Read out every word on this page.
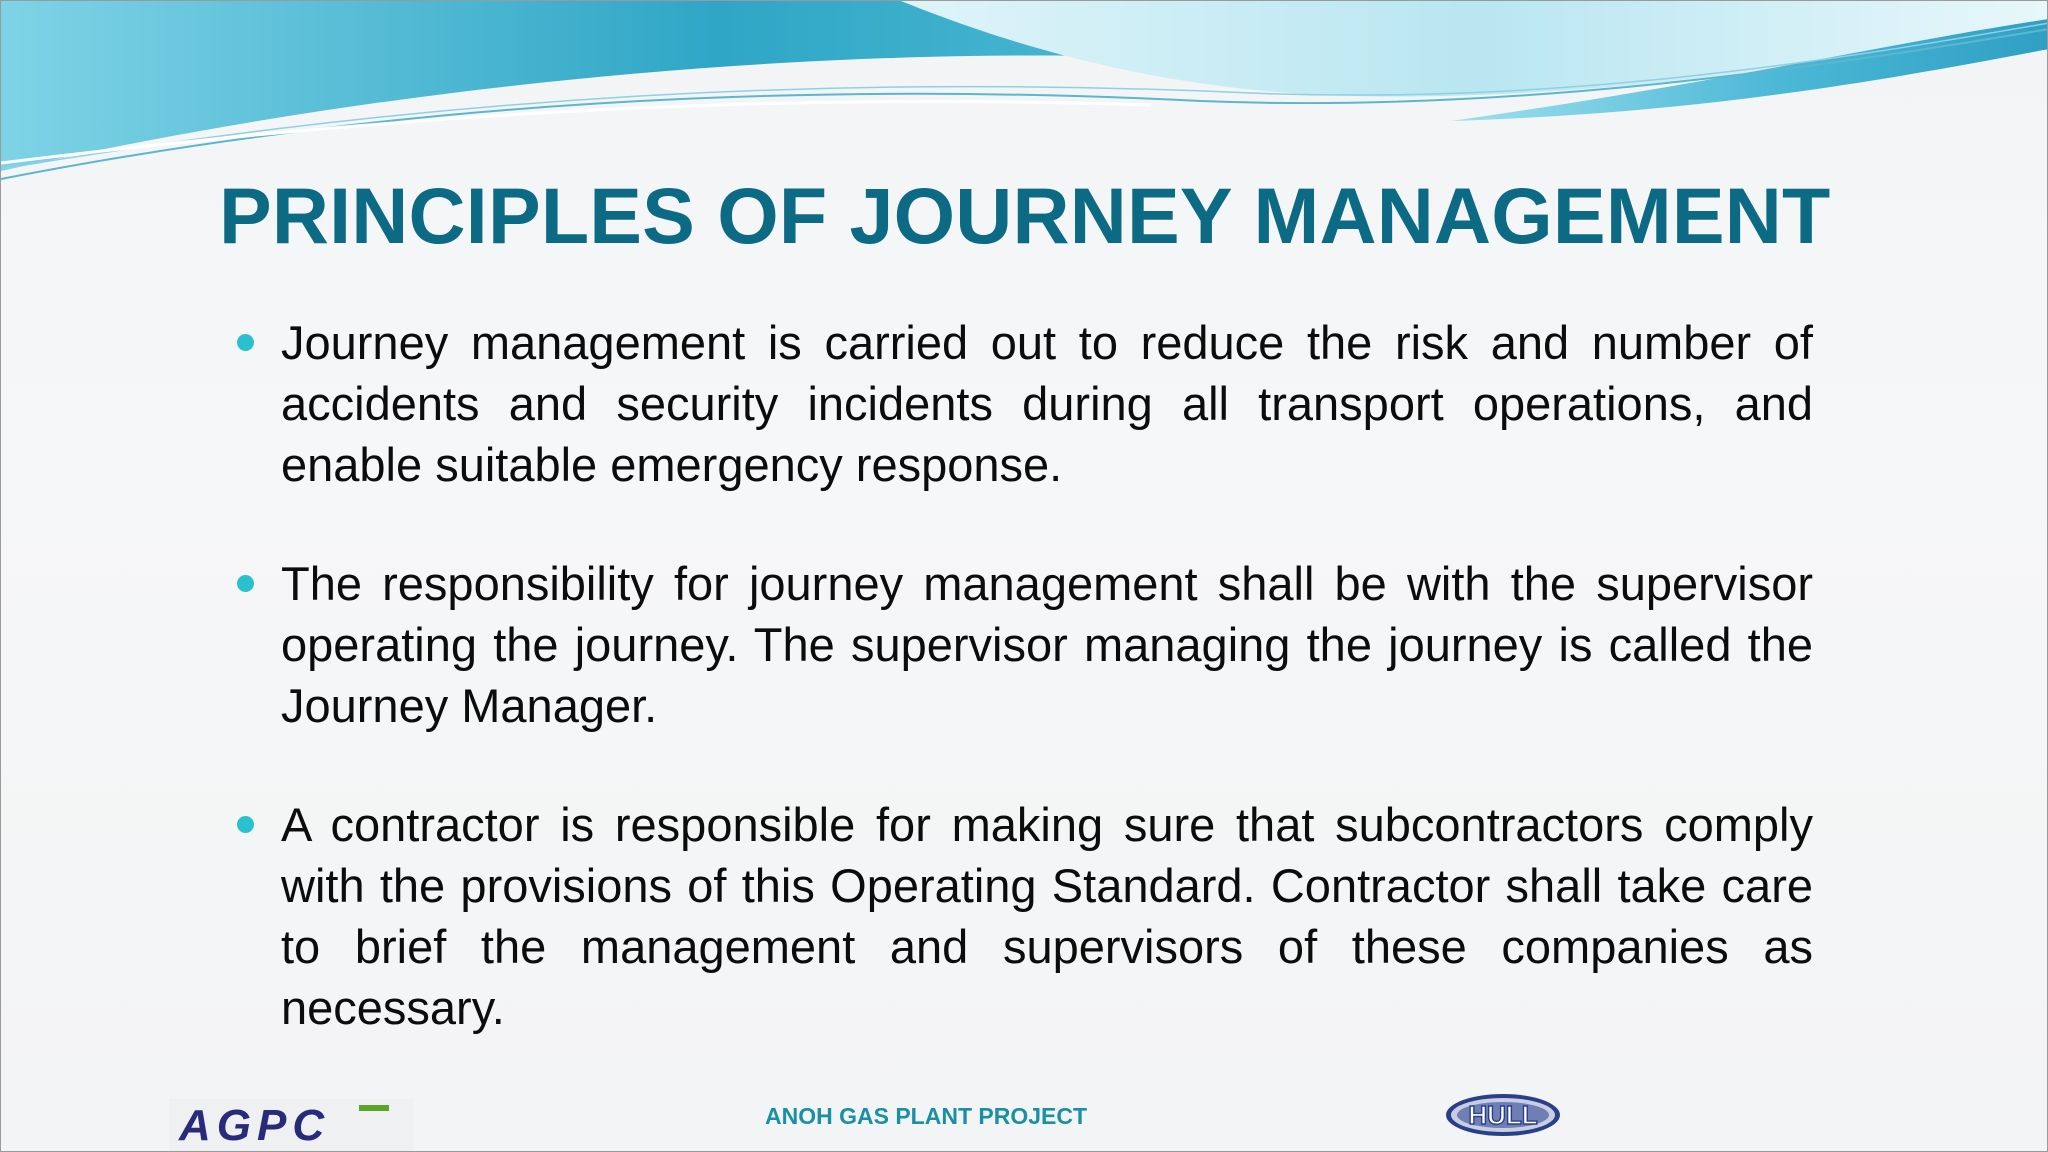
PRINCIPLES OF JOURNEY MANAGEMENT
Journey management is carried out to reduce the risk and number of accidents and security incidents during all transport operations, and enable suitable emergency response.
The responsibility for journey management shall be with the supervisor operating the journey. The supervisor managing the journey is called the Journey Manager.
A contractor is responsible for making sure that subcontractors comply with the provisions of this Operating Standard. Contractor shall take care to brief the management and supervisors of these companies as necessary.
AGPC	ANOH GAS PLANT PROJECT	HULL
